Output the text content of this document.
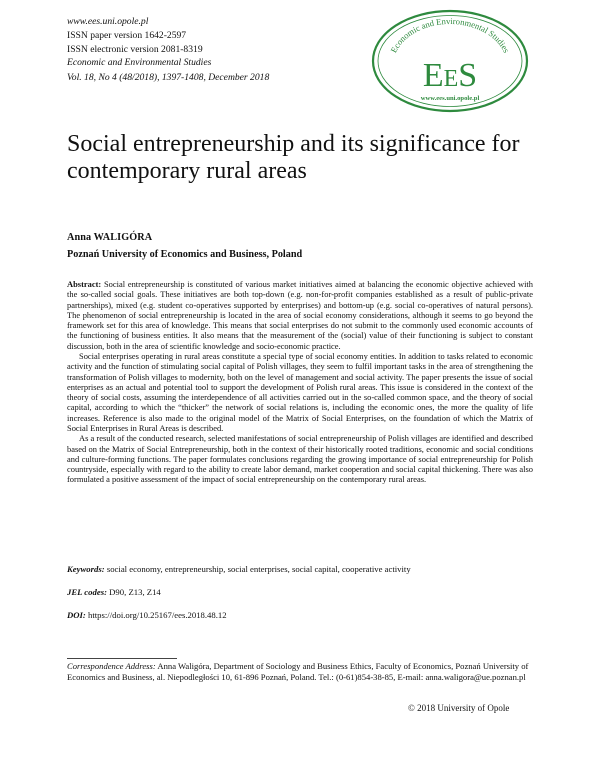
www.ees.uni.opole.pl
ISSN paper version 1642-2597
ISSN electronic version 2081-8319
Economic and Environmental Studies
Vol. 18, No 4 (48/2018), 1397-1408, December 2018
Economic and Environmental Studies
EES
www.ees.uni.opole.pl
Social entrepreneurship and its significance for contemporary rural areas
Anna WALIGÓRA
Poznań University of Economics and Business, Poland

Abstract: Social entrepreneurship is constituted of various market initiatives aimed at balancing the economic objective achieved with the so-called social goals. These initiatives are both top-down (e.g. non-for-profit companies established as a result of public-private partnerships), mixed (e.g. student co-operatives supported by enterprises) and bottom-up (e.g. social co-operatives of natural persons). The phenomenon of social entrepreneurship is located in the area of social economy considerations, although it seems to go beyond the framework set for this area of knowledge. This means that social enterprises do not submit to the commonly used economic accounts of the functioning of business entities. It also means that the measurement of the (social) value of their functioning is subject to constant discussion, both in the area of scientific knowledge and socio-economic practice.

Social enterprises operating in rural areas constitute a special type of social economy entities. In addition to tasks related to economic activity and the function of stimulating social capital of Polish villages, they seem to fulfil important tasks in the area of strengthening the transformation of Polish villages to modernity, both on the level of management and social activity. The paper presents the issue of social enterprises as an actual and potential tool to support the development of Polish rural areas. This issue is considered in the context of the theory of social costs, assuming the interdependence of all activities carried out in the so-called common space, and the theory of social capital, according to which the “thicker” the network of social relations is, including the economic ones, the more the quality of life increases. Reference is also made to the original model of the Matrix of Social Enterprises, on the foundation of which the Matrix of Social Enterprises in Rural Areas is described.

As a result of the conducted research, selected manifestations of social entrepreneurship of Polish villages are identified and described based on the Matrix of Social Entrepreneurship, both in the context of their historically rooted traditions, economic and social conditions and culture-forming functions. The paper formulates conclusions regarding the growing importance of social entrepreneurship for Polish countryside, especially with regard to the ability to create labor demand, market cooperation and social capital thickening. There was also formulated a positive assessment of the impact of social entrepreneurship on the contemporary rural areas.

Keywords: social economy, entrepreneurship, social enterprises, social capital, cooperative activity
JEL codes: D90, Z13, Z14
DOI: https://doi.org/10.25167/ees.2018.48.12
Correspondence Address: Anna Waligóra, Department of Sociology and Business Ethics, Faculty of Economics, Poznań University of Economics and Business, al. Niepodległości 10, 61-896 Poznań, Poland. Tel.: (0-61)854-38-85, E-mail: anna.waligora@ue.poznan.pl
© 2018 University of Opole
